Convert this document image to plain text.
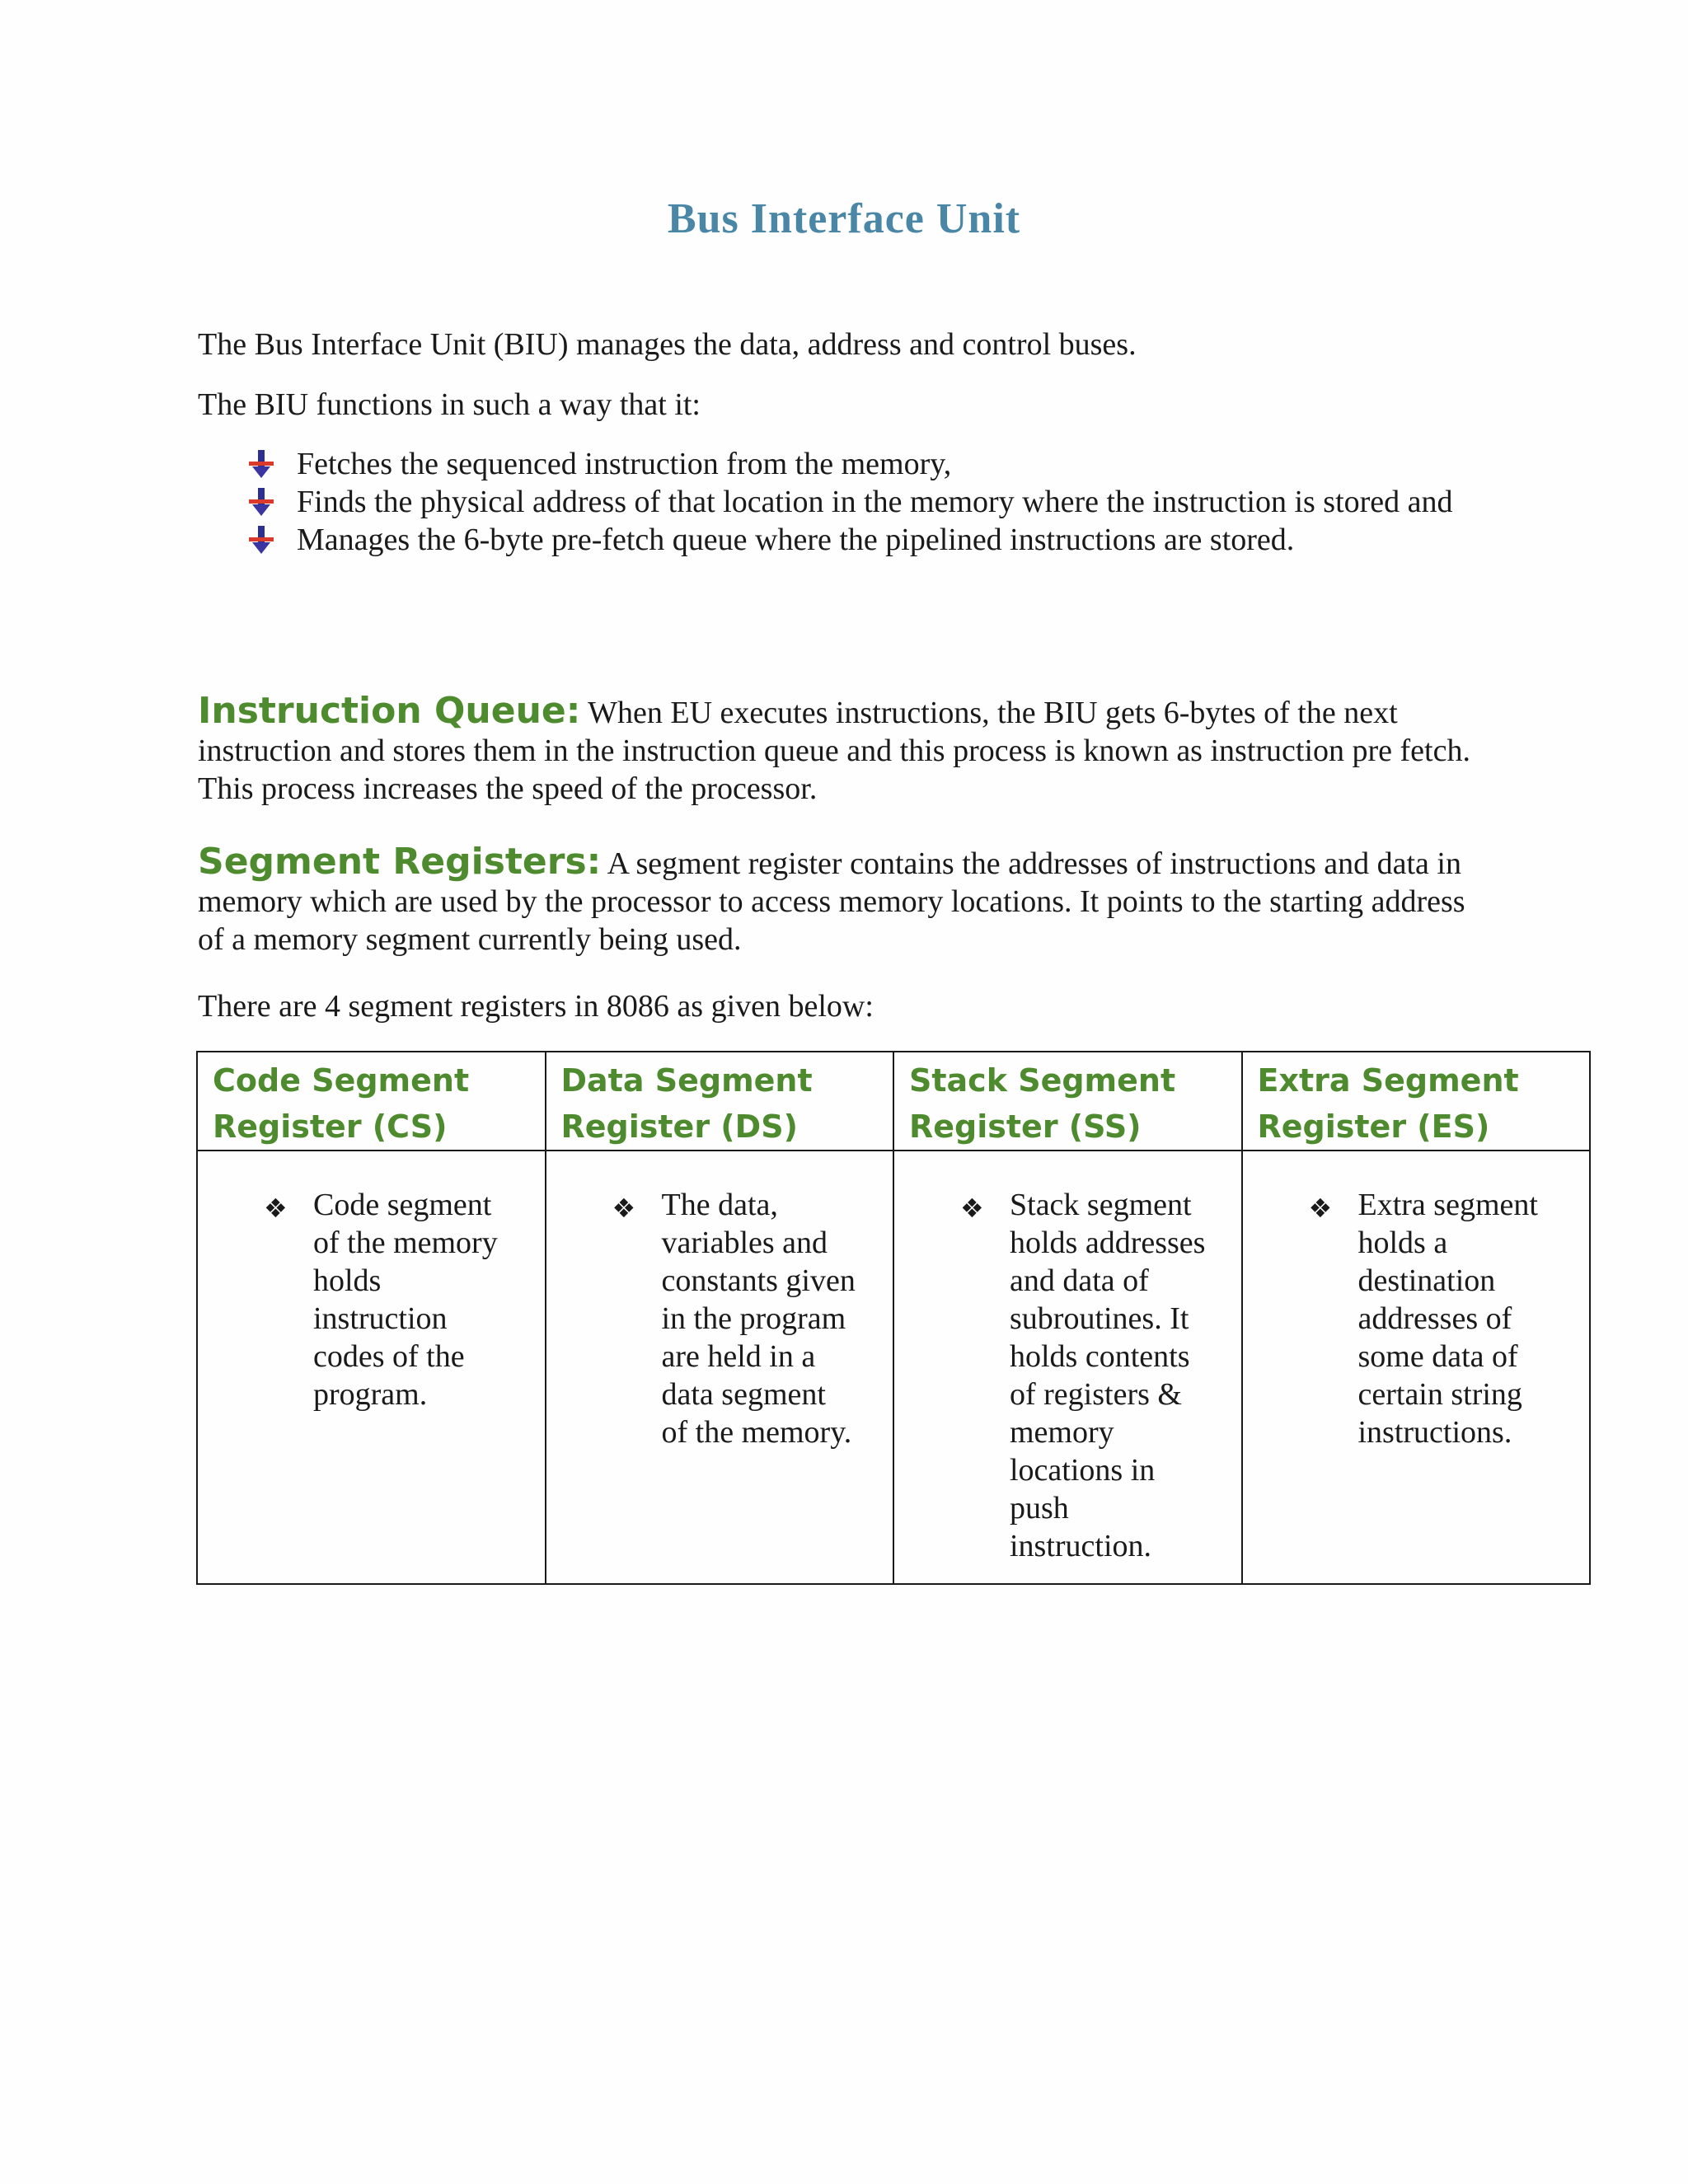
Bus Interface Unit
The Bus Interface Unit (BIU) manages the data, address and control buses.
The BIU functions in such a way that it:
Fetches the sequenced instruction from the memory,
Finds the physical address of that location in the memory where the instruction is stored and
Manages the 6-byte pre-fetch queue where the pipelined instructions are stored.
Instruction Queue: When EU executes instructions, the BIU gets 6-bytes of the next instruction and stores them in the instruction queue and this process is known as instruction pre fetch. This process increases the speed of the processor.
Segment Registers: A segment register contains the addresses of instructions and data in memory which are used by the processor to access memory locations. It points to the starting address of a memory segment currently being used.
There are 4 segment registers in 8086 as given below:
Code Segment Register (CS)	Data Segment Register (DS)	Stack Segment Register (SS)	Extra Segment Register (ES)

❖ Code segment of the memory holds instruction codes of the program.	❖ The data, variables and constants given in the program are held in a data segment of the memory.	❖ Stack segment holds addresses and data of subroutines. It holds contents of registers & memory locations in push instruction.	❖ Extra segment holds a destination addresses of some data of certain string instructions.
